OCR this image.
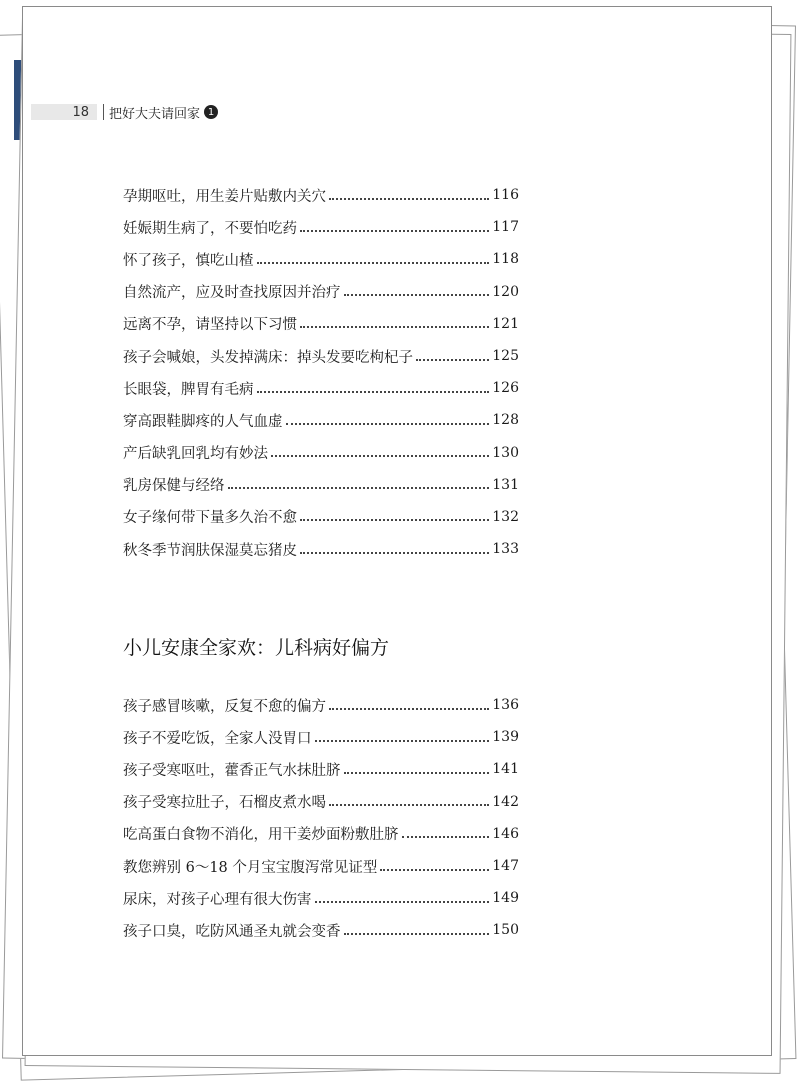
18	把好大夫请回家 1
孕期呕吐，用生姜片贴敷内关穴	116
妊娠期生病了，不要怕吃药	117
怀了孩子，慎吃山楂	118
自然流产，应及时查找原因并治疗	120
远离不孕，请坚持以下习惯	121
孩子会喊娘，头发掉满床：掉头发要吃枸杞子	125
长眼袋，脾胃有毛病	126
穿高跟鞋脚疼的人气血虚	128
产后缺乳回乳均有妙法	130
乳房保健与经络	131
女子缘何带下量多久治不愈	132
秋冬季节润肤保湿莫忘猪皮	133
小儿安康全家欢：儿科病好偏方
孩子感冒咳嗽，反复不愈的偏方	136
孩子不爱吃饭，全家人没胃口	139
孩子受寒呕吐，藿香正气水抹肚脐	141
孩子受寒拉肚子，石榴皮煮水喝	142
吃高蛋白食物不消化，用干姜炒面粉敷肚脐	146
教您辨别 6～18 个月宝宝腹泻常见证型	147
尿床，对孩子心理有很大伤害	149
孩子口臭，吃防风通圣丸就会变香	150
